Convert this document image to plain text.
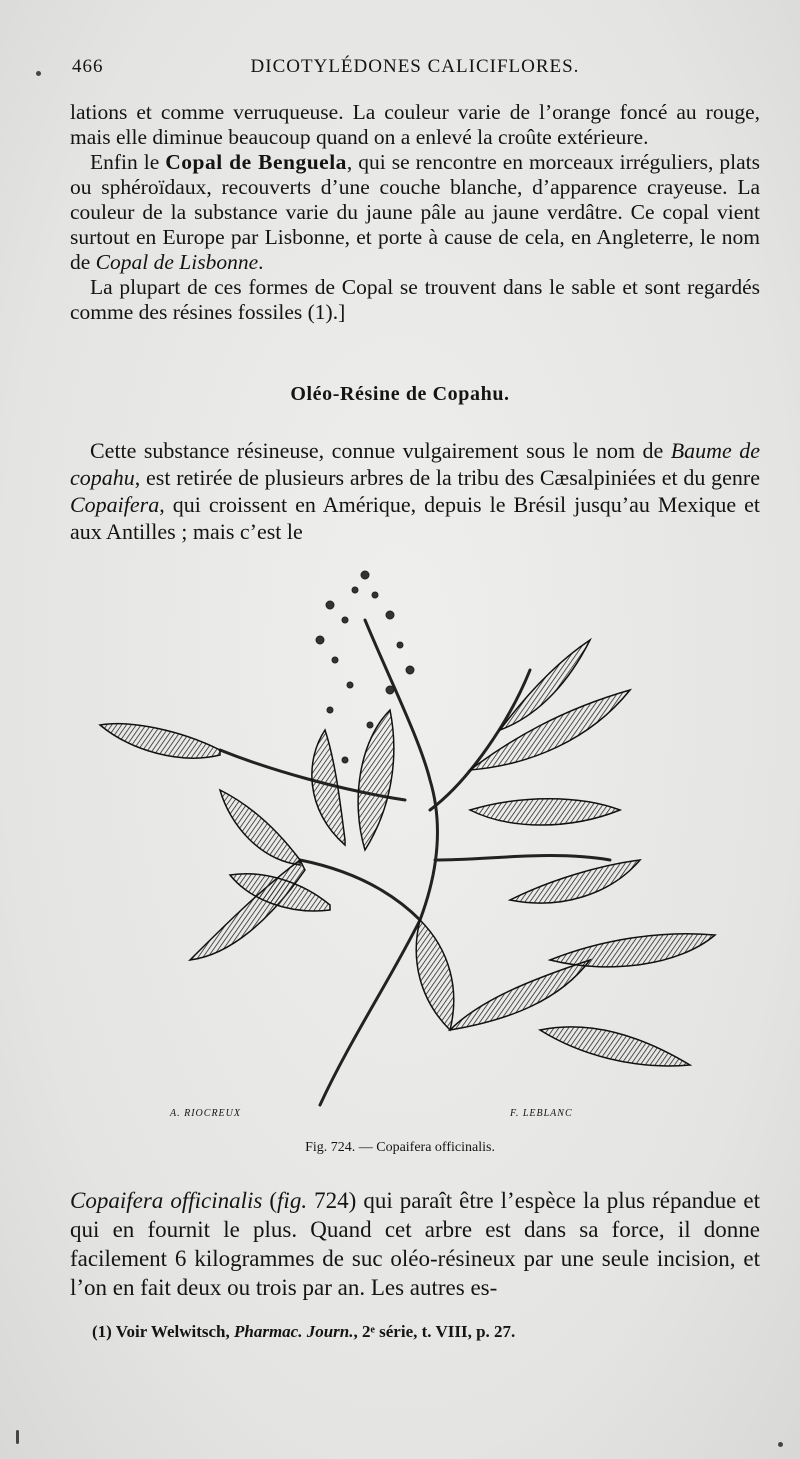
466	DICOTYLÉDONES CALICIFLORES.

lations et comme verruqueuse. La couleur varie de l’orange foncé au rouge, mais elle diminue beaucoup quand on a enlevé la croûte extérieure.

Enfin le Copal de Benguela, qui se rencontre en morceaux irréguliers, plats ou sphéroïdaux, recouverts d’une couche blanche, d’apparence crayeuse. La couleur de la substance varie du jaune pâle au jaune verdâtre. Ce copal vient surtout en Europe par Lisbonne, et porte à cause de cela, en Angleterre, le nom de Copal de Lisbonne.

La plupart de ces formes de Copal se trouvent dans le sable et sont regardés comme des résines fossiles (1).]

Oléo-Résine de Copahu.

Cette substance résineuse, connue vulgairement sous le nom de Baume de copahu, est retirée de plusieurs arbres de la tribu des Cæsalpiniées et du genre Copaifera, qui croissent en Amérique, depuis le Brésil jusqu’au Mexique et aux Antilles ; mais c’est le

A. RIOCREUX	F. LEBLANC
Fig. 724. — Copaifera officinalis.

Copaifera officinalis (fig. 724) qui paraît être l’espèce la plus répandue et qui en fournit le plus. Quand cet arbre est dans sa force, il donne facilement 6 kilogrammes de suc oléo-résineux par une seule incision, et l’on en fait deux ou trois par an. Les autres es-

(1) Voir Welwitsch, Pharmac. Journ., 2ᵉ série, t. VIII, p. 27.
